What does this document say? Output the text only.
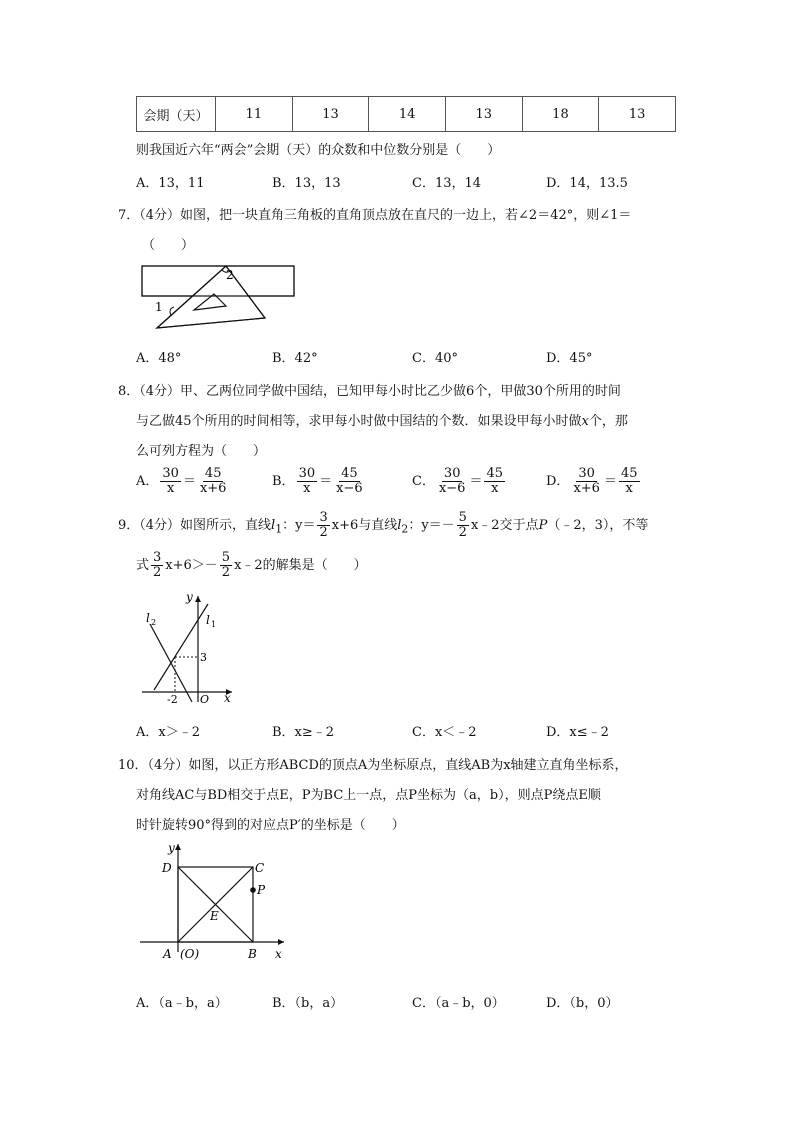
会期（天）	11	13	14	13	18	13
则我国近六年“两会”会期（天）的众数和中位数分别是（　　）
A．13，11	B．13，13	C．13，14	D．14，13.5
7．（4分）如图，把一块直角三角板的直角顶点放在直尺的一边上，若∠2＝42°，则∠1＝
（　　）
2
1
A．48°	B．42°	C．40°	D．45°
8．（4分）甲、乙两位同学做中国结，已知甲每小时比乙少做6个，甲做30个所用的时间
与乙做45个所用的时间相等，求甲每小时做中国结的个数．如果设甲每小时做x个，那
么可列方程为（　　）
A． $\frac{30}{x} = \frac{45}{x+6}$	B． $\frac{30}{x} = \frac{45}{x-6}$	C． $\frac{30}{x-6} = \frac{45}{x}$	D． $\frac{30}{x+6} = \frac{45}{x}$
9．（4分）如图所示，直线$l_1$：$y= \frac{3}{2} x+6$与直线$l_2$：$y=- \frac{5}{2}$ x﹣2交于点P（﹣2，3），不等
式 $\frac{3}{2} x+6>- \frac{5}{2}$ x﹣2的解集是（　　）
y
l 2	l 1
3
-2 O x
A．x＞﹣2	B．x≥﹣2	C．x＜﹣2	D．x≤﹣2
10．（4分）如图，以正方形ABCD的顶点A为坐标原点，直线AB为x轴建立直角坐标系，
对角线AC与BD相交于点E，P为BC上一点，点P坐标为（a，b），则点P绕点E顺
时针旋转90°得到的对应点P′的坐标是（　　）
y
D	C
P
E
A (O)	B x
A．（a﹣b，a）	B．（b，a）	C．（a﹣b，0）	D．（b，0）
